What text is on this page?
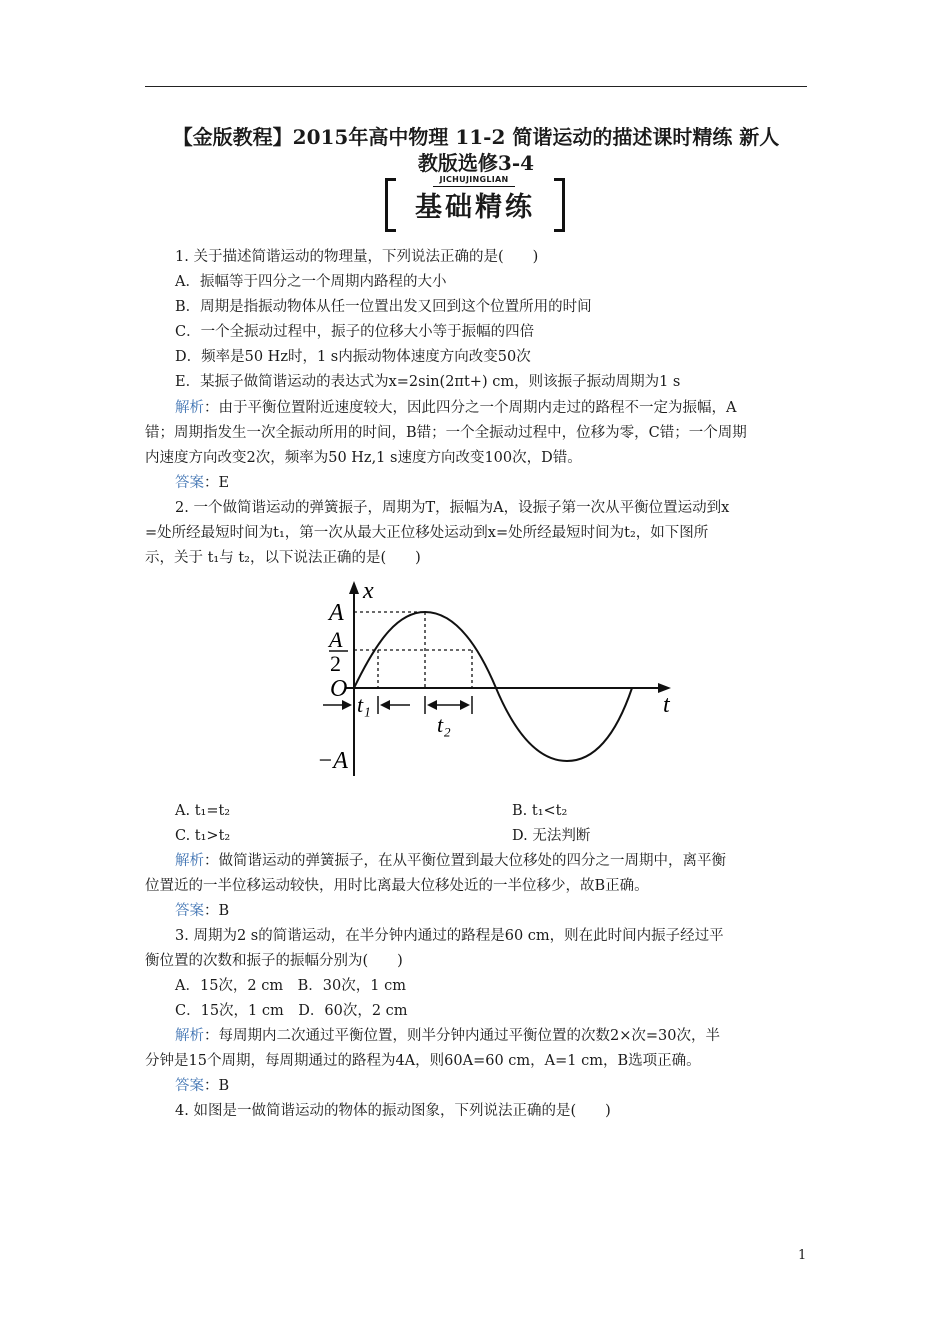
【金版教程】2015年高中物理 11-2 简谐运动的描述课时精练 新人
教版选修3-4
JICHUJINGLIAN
基础精练
1. 关于描述简谐运动的物理量，下列说法正确的是(　　)
A．振幅等于四分之一个周期内路程的大小
B．周期是指振动物体从任一位置出发又回到这个位置所用的时间
C．一个全振动过程中，振子的位移大小等于振幅的四倍
D．频率是50 Hz时，1 s内振动物体速度方向改变50次
E．某振子做简谐运动的表达式为x=2sin(2πt+) cm，则该振子振动周期为1 s
解析：由于平衡位置附近速度较大，因此四分之一个周期内走过的路程不一定为振幅，A
错；周期指发生一次全振动所用的时间，B错；一个全振动过程中，位移为零，C错；一个周期
内速度方向改变2次，频率为50 Hz,1 s速度方向改变100次，D错。
答案：E
2. 一个做简谐运动的弹簧振子，周期为T，振幅为A，设振子第一次从平衡位置运动到x
=处所经最短时间为t₁，第一次从最大正位移处运动到x=处所经最短时间为t₂，如下图所
示，关于 t₁与 t₂，以下说法正确的是(　　)
x
t
A
A
2
O
t₁
t₂
−A
A. t₁=t₂	B. t₁<t₂
C. t₁>t₂	D. 无法判断
解析：做简谐运动的弹簧振子，在从平衡位置到最大位移处的四分之一周期中，离平衡
位置近的一半位移运动较快，用时比离最大位移处近的一半位移少，故B正确。
答案：B
3. 周期为2 s的简谐运动，在半分钟内通过的路程是60 cm，则在此时间内振子经过平
衡位置的次数和振子的振幅分别为(　　)
A．15次，2 cm　B．30次，1 cm
C．15次，1 cm　D．60次，2 cm
解析：每周期内二次通过平衡位置，则半分钟内通过平衡位置的次数2×次=30次，半
分钟是15个周期，每周期通过的路程为4A，则60A=60 cm，A=1 cm，B选项正确。
答案：B
4. 如图是一做简谐运动的物体的振动图象，下列说法正确的是(　　)
1
